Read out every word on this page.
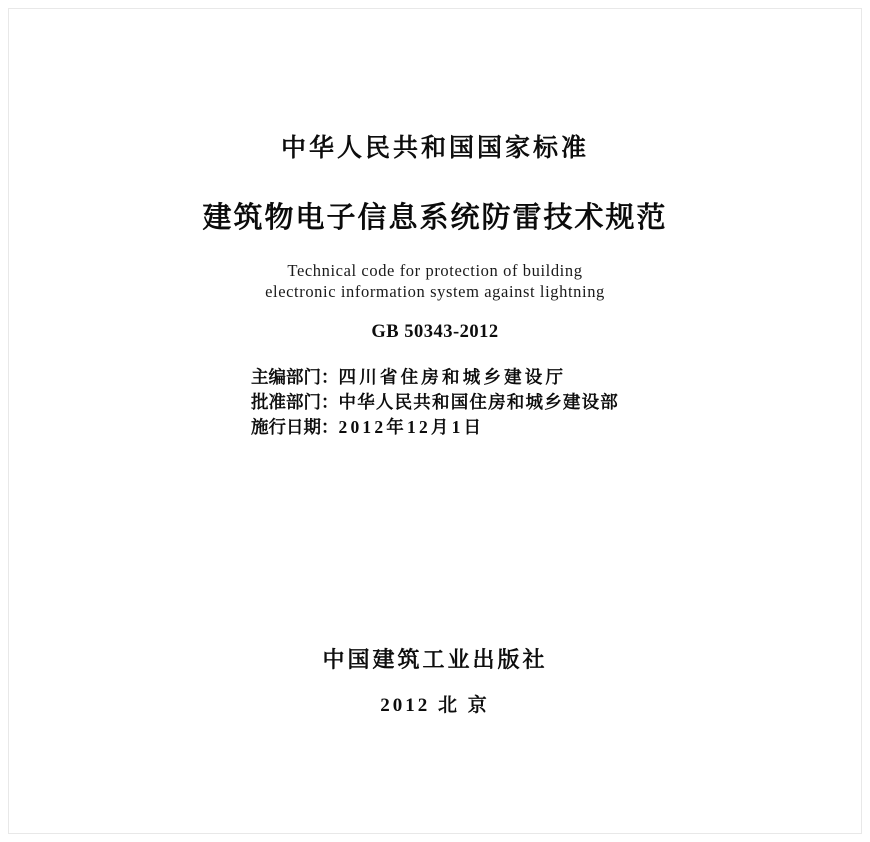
中华人民共和国国家标准
建筑物电子信息系统防雷技术规范
Technical code for protection of building
electronic information system against lightning
GB 50343-2012
主编部门：四川省住房和城乡建设厅
批准部门：中华人民共和国住房和城乡建设部
施行日期：2012年12月1日
中国建筑工业出版社
2012 北 京
